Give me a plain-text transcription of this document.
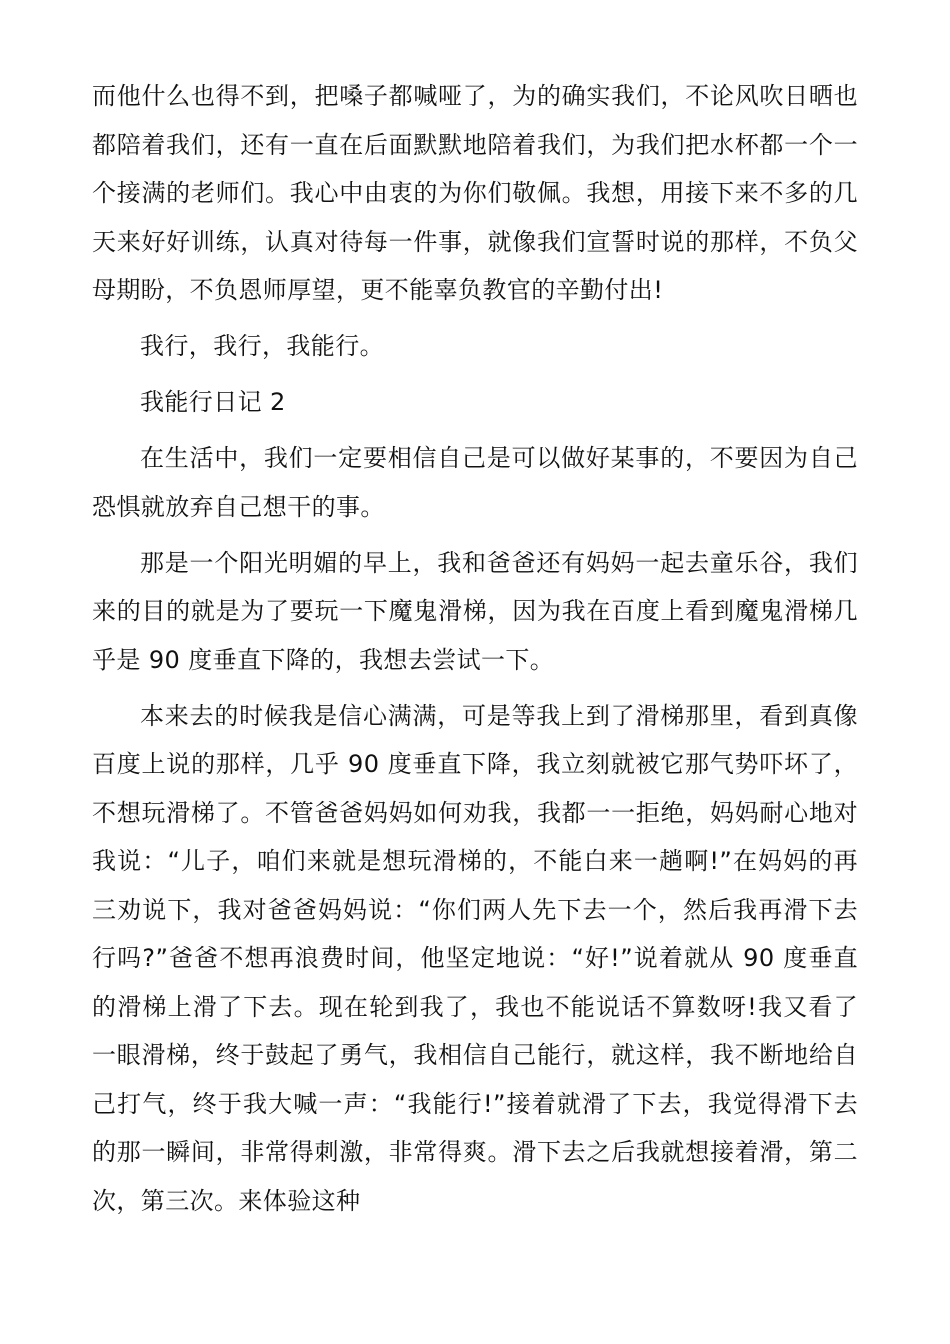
而他什么也得不到，把嗓子都喊哑了，为的确实我们，不论风吹日晒也都陪着我们，还有一直在后面默默地陪着我们，为我们把水杯都一个一个接满的老师们。我心中由衷的为你们敬佩。我想，用接下来不多的几天来好好训练，认真对待每一件事，就像我们宣誓时说的那样，不负父母期盼，不负恩师厚望，更不能辜负教官的辛勤付出!

我行，我行，我能行。

我能行日记 2

在生活中，我们一定要相信自己是可以做好某事的，不要因为自己恐惧就放弃自己想干的事。

那是一个阳光明媚的早上，我和爸爸还有妈妈一起去童乐谷，我们来的目的就是为了要玩一下魔鬼滑梯，因为我在百度上看到魔鬼滑梯几乎是 90 度垂直下降的，我想去尝试一下。

本来去的时候我是信心满满，可是等我上到了滑梯那里，看到真像百度上说的那样，几乎 90 度垂直下降，我立刻就被它那气势吓坏了，不想玩滑梯了。不管爸爸妈妈如何劝我，我都一一拒绝，妈妈耐心地对我说：“儿子，咱们来就是想玩滑梯的，不能白来一趟啊!”在妈妈的再三劝说下，我对爸爸妈妈说：“你们两人先下去一个，然后我再滑下去行吗?”爸爸不想再浪费时间，他坚定地说：“好!”说着就从 90 度垂直的滑梯上滑了下去。现在轮到我了，我也不能说话不算数呀!我又看了一眼滑梯，终于鼓起了勇气，我相信自己能行，就这样，我不断地给自己打气，终于我大喊一声：“我能行!”接着就滑了下去，我觉得滑下去的那一瞬间，非常得刺激，非常得爽。滑下去之后我就想接着滑，第二次，第三次。来体验这种
